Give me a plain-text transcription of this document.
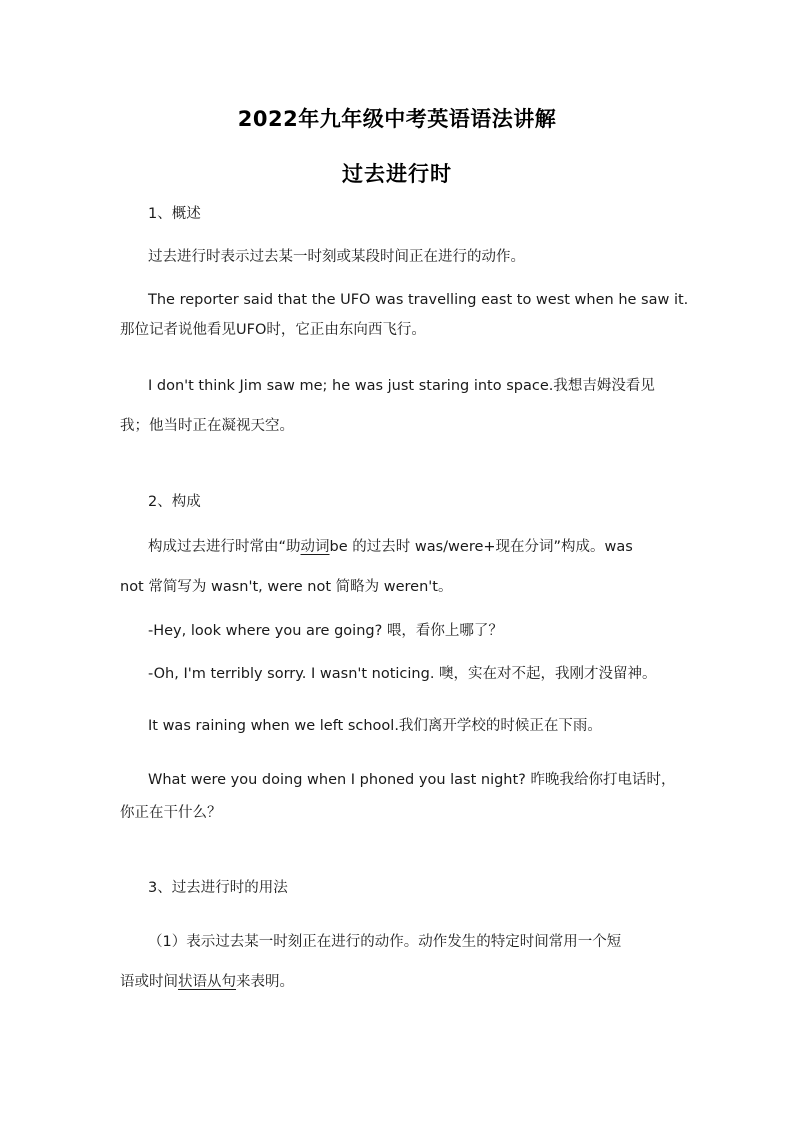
2022年九年级中考英语语法讲解
过去进行时
1、概述
过去进行时表示过去某一时刻或某段时间正在进行的动作。
The reporter said that the UFO was travelling east to west when he saw it.
那位记者说他看见UFO时，它正由东向西飞行。
I don't think Jim saw me; he was just staring into space.我想吉姆没看见
我；他当时正在凝视天空。
2、构成
构成过去进行时常由“助动词be 的过去时 was/were+现在分词”构成。was
not 常简写为 wasn't, were not 简略为 weren't。
-Hey, look where you are going? 喂，看你上哪了？
-Oh, I'm terribly sorry. I wasn't noticing. 噢，实在对不起，我刚才没留神。
It was raining when we left school.我们离开学校的时候正在下雨。
What were you doing when I phoned you last night? 昨晚我给你打电话时，
你正在干什么？
3、过去进行时的用法
（1）表示过去某一时刻正在进行的动作。动作发生的特定时间常用一个短
语或时间状语从句来表明。
